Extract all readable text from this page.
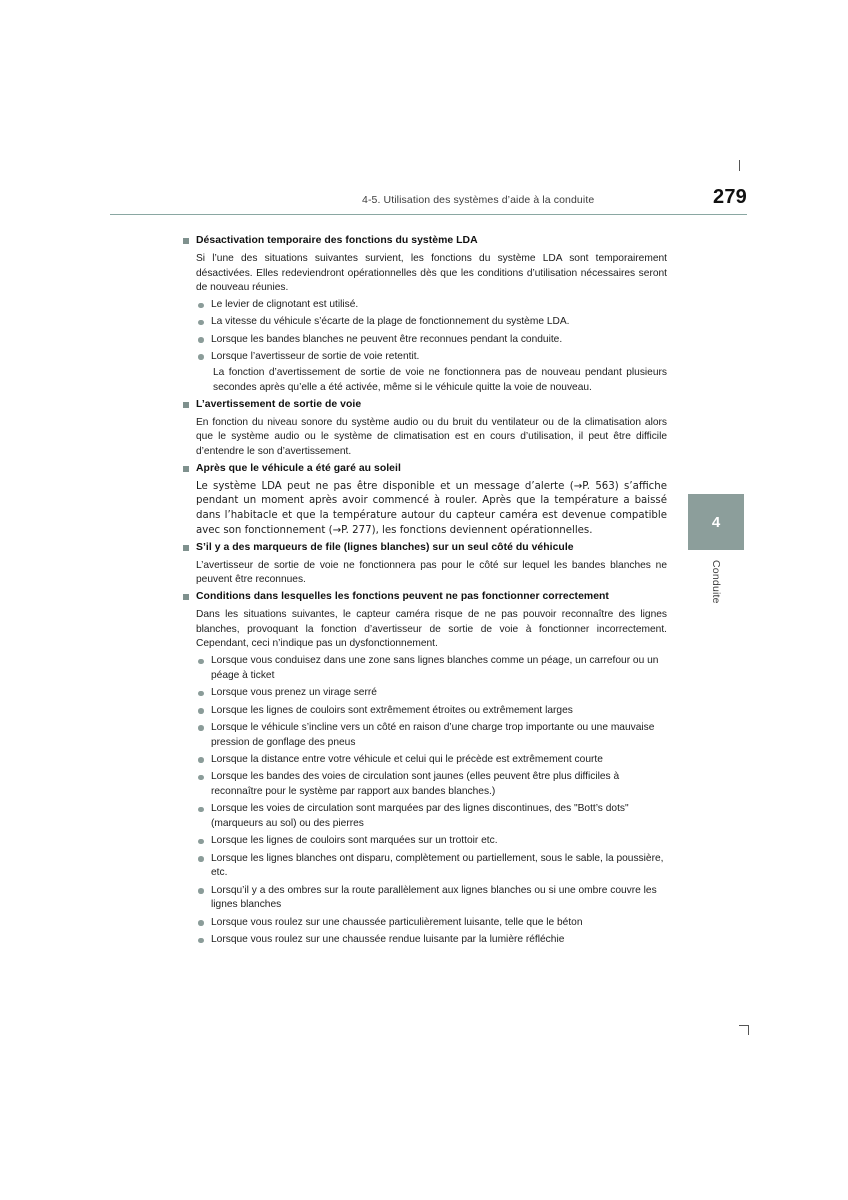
4-5. Utilisation des systèmes d’aide à la conduite	279
4
Conduite
Désactivation temporaire des fonctions du système LDA

Si l’une des situations suivantes survient, les fonctions du système LDA sont temporairement désactivées. Elles redeviendront opérationnelles dès que les conditions d’utilisation nécessaires seront de nouveau réunies.

Le levier de clignotant est utilisé.
La vitesse du véhicule s’écarte de la plage de fonctionnement du système LDA.
Lorsque les bandes blanches ne peuvent être reconnues pendant la conduite.
Lorsque l’avertisseur de sortie de voie retentit.
La fonction d’avertissement de sortie de voie ne fonctionnera pas de nouveau pendant plusieurs secondes après qu’elle a été activée, même si le véhicule quitte la voie de nouveau.
L’avertissement de sortie de voie

En fonction du niveau sonore du système audio ou du bruit du ventilateur ou de la climatisation alors que le système audio ou le système de climatisation est en cours d’utilisation, il peut être difficile d’entendre le son d’avertissement.

Après que le véhicule a été garé au soleil

Le système LDA peut ne pas être disponible et un message d’alerte (→P. 563) s’affiche pendant un moment après avoir commencé à rouler. Après que la température a baissé dans l’habitacle et que la température autour du capteur caméra est devenue compatible avec son fonctionnement (→P. 277), les fonctions deviennent opérationnelles.

S’il y a des marqueurs de file (lignes blanches) sur un seul côté du véhicule

L’avertisseur de sortie de voie ne fonctionnera pas pour le côté sur lequel les bandes blanches ne peuvent être reconnues.

Conditions dans lesquelles les fonctions peuvent ne pas fonctionner correctement

Dans les situations suivantes, le capteur caméra risque de ne pas pouvoir reconnaître des lignes blanches, provoquant la fonction d’avertisseur de sortie de voie à fonctionner incorrectement. Cependant, ceci n’indique pas un dysfonctionnement.

Lorsque vous conduisez dans une zone sans lignes blanches comme un péage, un carrefour ou un péage à ticket
Lorsque vous prenez un virage serré
Lorsque les lignes de couloirs sont extrêmement étroites ou extrêmement larges
Lorsque le véhicule s’incline vers un côté en raison d’une charge trop importante ou une mauvaise pression de gonflage des pneus
Lorsque la distance entre votre véhicule et celui qui le précède est extrêmement courte
Lorsque les bandes des voies de circulation sont jaunes (elles peuvent être plus difficiles à reconnaître pour le système par rapport aux bandes blanches.)
Lorsque les voies de circulation sont marquées par des lignes discontinues, des "Bott’s dots" (marqueurs au sol) ou des pierres
Lorsque les lignes de couloirs sont marquées sur un trottoir etc.
Lorsque les lignes blanches ont disparu, complètement ou partiellement, sous le sable, la poussière, etc.
Lorsqu’il y a des ombres sur la route parallèlement aux lignes blanches ou si une ombre couvre les lignes blanches
Lorsque vous roulez sur une chaussée particulièrement luisante, telle que le béton
Lorsque vous roulez sur une chaussée rendue luisante par la lumière réfléchie
